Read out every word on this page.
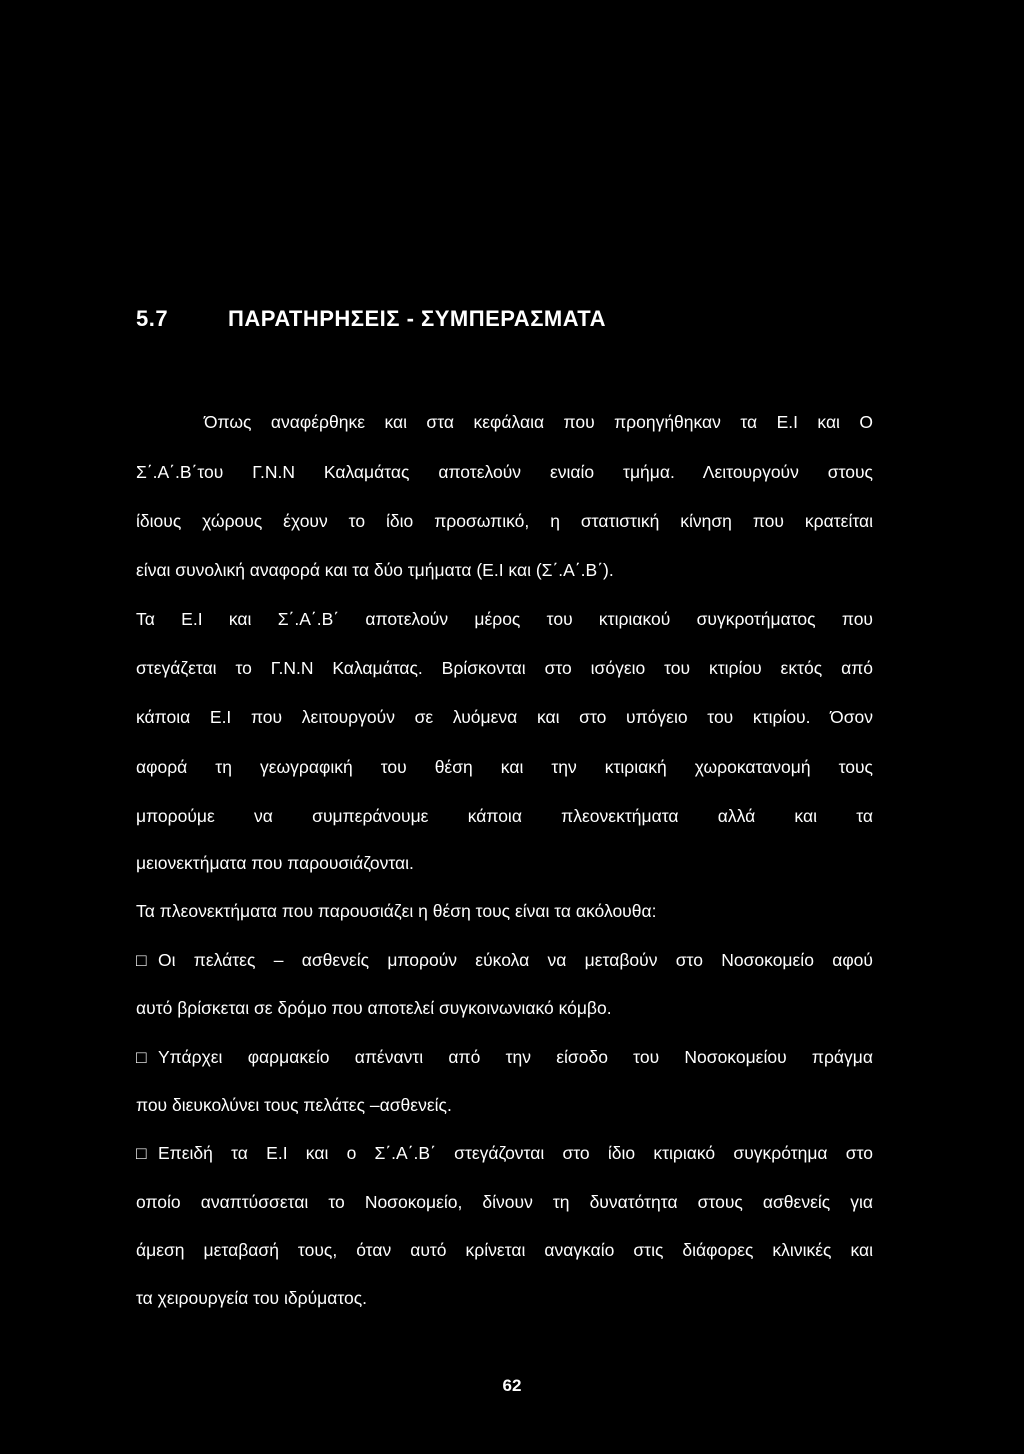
5.7	ΠΑΡΑΤΗΡΗΣΕΙΣ - ΣΥΜΠΕΡΑΣΜΑΤΑ
Όπως αναφέρθηκε και στα κεφάλαια που προηγήθηκαν τα Ε.Ι και Ο
Σ΄.Α΄.Β΄του Γ.Ν.Ν Καλαμάτας αποτελούν ενιαίο τμήμα. Λειτουργούν στους
ίδιους χώρους έχουν το ίδιο προσωπικό, η στατιστική κίνηση που κρατείται
είναι συνολική αναφορά και τα δύο τμήματα (Ε.Ι και (Σ΄.Α΄.Β΄).
Τα Ε.Ι και Σ΄.Α΄.Β΄ αποτελούν μέρος του κτιριακού συγκροτήματος που
στεγάζεται το Γ.Ν.Ν Καλαμάτας. Βρίσκονται στο ισόγειο του κτιρίου εκτός από
κάποια Ε.Ι που λειτουργούν σε λυόμενα και στο υπόγειο του κτιρίου. Όσον
αφορά τη γεωγραφική του θέση και την κτιριακή χωροκατανομή τους
μπορούμε να συμπεράνουμε κάποια πλεονεκτήματα αλλά και τα
μειονεκτήματα που παρουσιάζονται.
Τα πλεονεκτήματα που παρουσιάζει η θέση τους είναι τα ακόλουθα:
□ Οι πελάτες – ασθενείς μπορούν εύκολα να μεταβούν στο Νοσοκομείο αφού
αυτό βρίσκεται σε δρόμο που αποτελεί συγκοινωνιακό κόμβο.
□ Υπάρχει φαρμακείο απέναντι από την είσοδο του Νοσοκομείου πράγμα
που διευκολύνει τους πελάτες –ασθενείς.
□ Επειδή τα Ε.Ι και ο Σ΄.Α΄.Β΄ στεγάζονται στο ίδιο κτιριακό συγκρότημα στο
οποίο αναπτύσσεται το Νοσοκομείο, δίνουν τη δυνατότητα στους ασθενείς για
άμεση μεταβασή τους, όταν αυτό κρίνεται αναγκαίο στις διάφορες κλινικές και
τα χειρουργεία του ιδρύματος.
62
